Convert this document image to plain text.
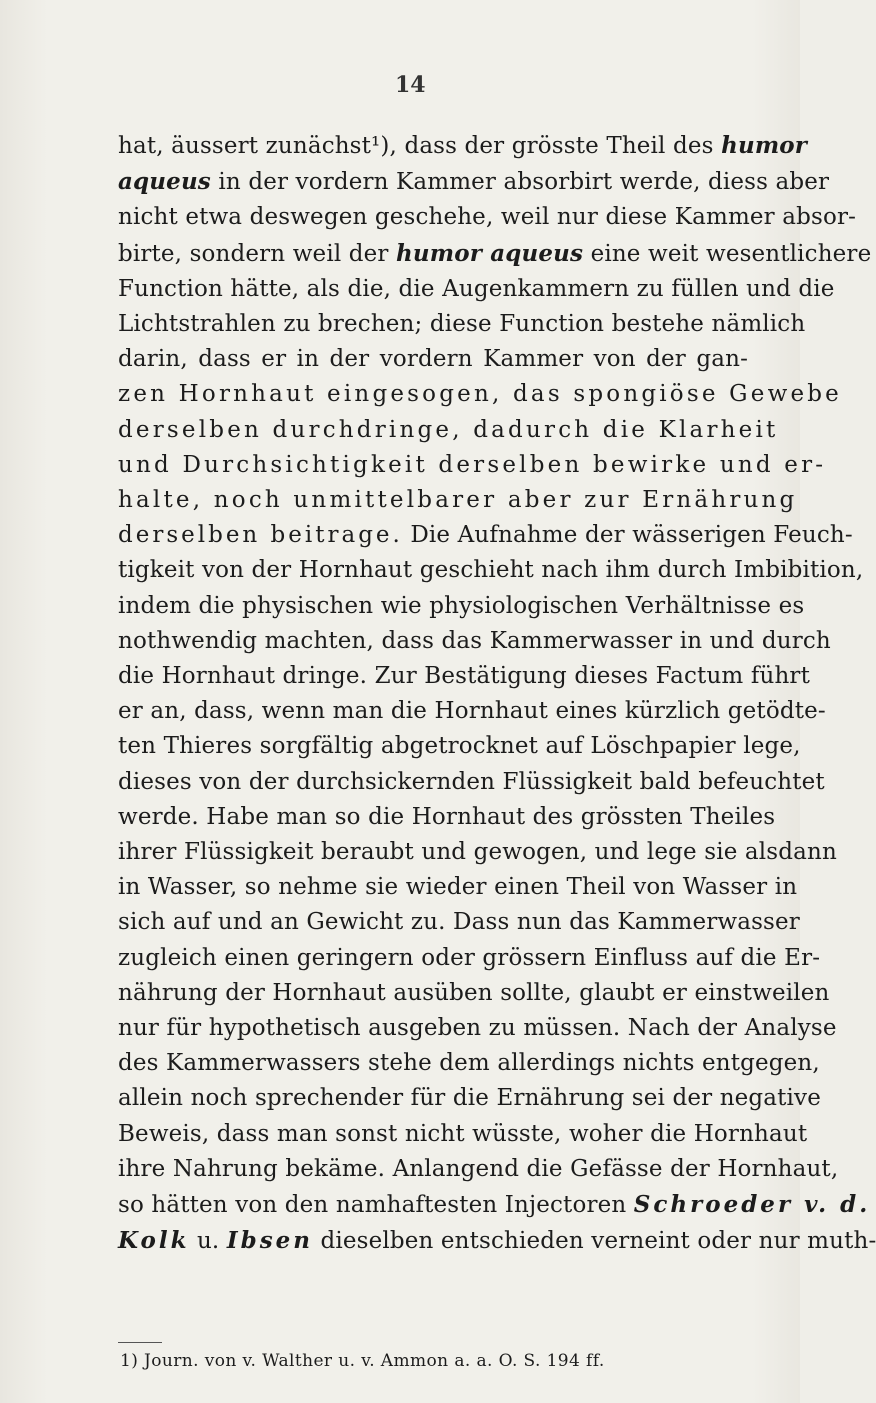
14
hat, äussert zunächst¹), dass der grösste Theil des humor
aqueus in der vordern Kammer absorbirt werde, diess aber
nicht etwa deswegen geschehe, weil nur diese Kammer absor-
birte, sondern weil der humor aqueus eine weit wesentlichere
Function hätte, als die, die Augenkammern zu füllen und die
Lichtstrahlen zu brechen; diese Function bestehe nämlich
darin, dass er in der vordern Kammer von der gan-
zen Hornhaut eingesogen, das spongiöse Gewebe
derselben durchdringe, dadurch die Klarheit
und Durchsichtigkeit derselben bewirke und er-
halte, noch unmittelbarer aber zur Ernährung
derselben beitrage. Die Aufnahme der wässerigen Feuch-
tigkeit von der Hornhaut geschieht nach ihm durch Imbibition,
indem die physischen wie physiologischen Verhältnisse es
nothwendig machten, dass das Kammerwasser in und durch
die Hornhaut dringe. Zur Bestätigung dieses Factum führt
er an, dass, wenn man die Hornhaut eines kürzlich getödte-
ten Thieres sorgfältig abgetrocknet auf Löschpapier lege,
dieses von der durchsickernden Flüssigkeit bald befeuchtet
werde. Habe man so die Hornhaut des grössten Theiles
ihrer Flüssigkeit beraubt und gewogen, und lege sie alsdann
in Wasser, so nehme sie wieder einen Theil von Wasser in
sich auf und an Gewicht zu. Dass nun das Kammerwasser
zugleich einen geringern oder grössern Einfluss auf die Er-
nährung der Hornhaut ausüben sollte, glaubt er einstweilen
nur für hypothetisch ausgeben zu müssen. Nach der Analyse
des Kammerwassers stehe dem allerdings nichts entgegen,
allein noch sprechender für die Ernährung sei der negative
Beweis, dass man sonst nicht wüsste, woher die Hornhaut
ihre Nahrung bekäme. Anlangend die Gefässe der Hornhaut,
so hätten von den namhaftesten Injectoren Schroeder v. d.
Kolk u. Ibsen dieselben entschieden verneint oder nur muth-
1) Journ. von v. Walther u. v. Ammon a. a. O. S. 194 ff.
